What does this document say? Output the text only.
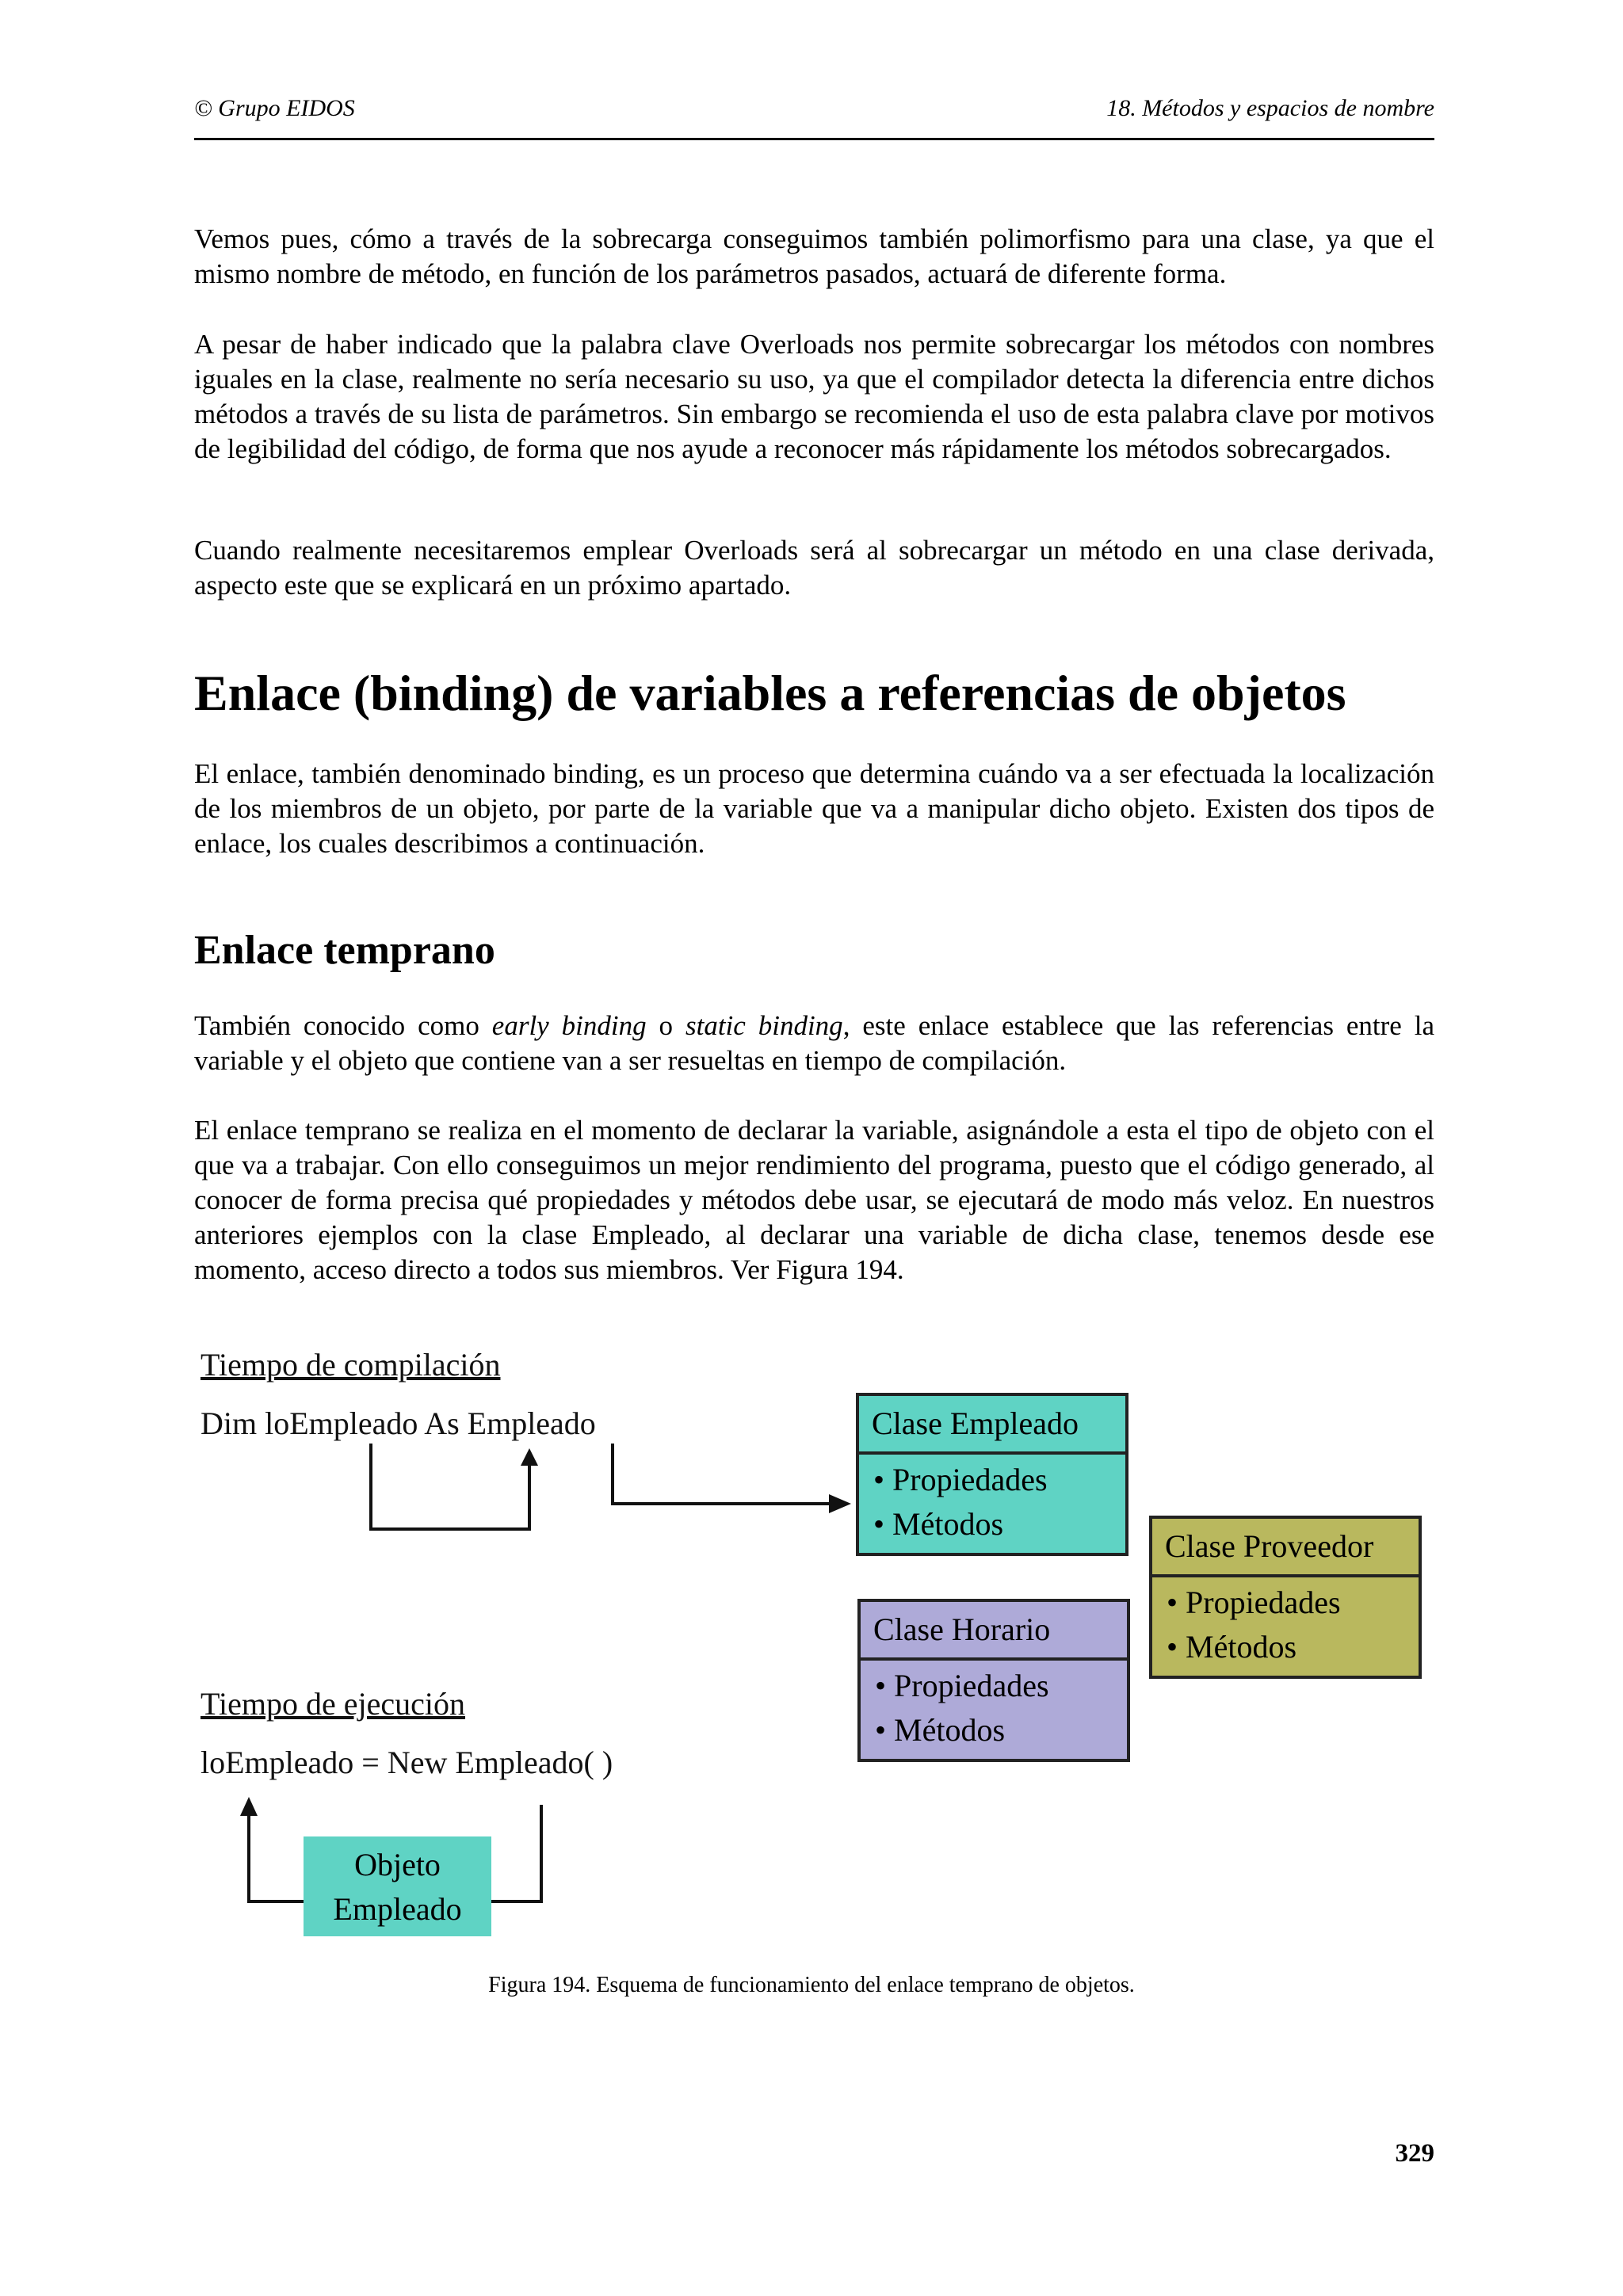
© Grupo EIDOS	18. Métodos y espacios de nombre
Vemos pues, cómo a través de la sobrecarga conseguimos también polimorfismo para una clase, ya que el mismo nombre de método, en función de los parámetros pasados, actuará de diferente forma.
A pesar de haber indicado que la palabra clave Overloads nos permite sobrecargar los métodos con nombres iguales en la clase, realmente no sería necesario su uso, ya que el compilador detecta la diferencia entre dichos métodos a través de su lista de parámetros. Sin embargo se recomienda el uso de esta palabra clave por motivos de legibilidad del código, de forma que nos ayude a reconocer más rápidamente los métodos sobrecargados.
Cuando realmente necesitaremos emplear Overloads será al sobrecargar un método en una clase derivada, aspecto este que se explicará en un próximo apartado.
Enlace (binding) de variables a referencias de objetos
El enlace, también denominado binding, es un proceso que determina cuándo va a ser efectuada la localización de los miembros de un objeto, por parte de la variable que va a manipular dicho objeto. Existen dos tipos de enlace, los cuales describimos a continuación.
Enlace temprano
También conocido como early binding o static binding, este enlace establece que las referencias entre la variable y el objeto que contiene van a ser resueltas en tiempo de compilación.
El enlace temprano se realiza en el momento de declarar la variable, asignándole a esta el tipo de objeto con el que va a trabajar. Con ello conseguimos un mejor rendimiento del programa, puesto que el código generado, al conocer de forma precisa qué propiedades y métodos debe usar, se ejecutará de modo más veloz. En nuestros anteriores ejemplos con la clase Empleado, al declarar una variable de dicha clase, tenemos desde ese momento, acceso directo a todos sus miembros. Ver Figura 194.
Tiempo de compilación
Dim loEmpleado As Empleado
Tiempo de ejecución
loEmpleado = New Empleado( )
Objeto
Empleado
Clase Empleado
• Propiedades
• Métodos
Clase Horario
• Propiedades
• Métodos
Clase Proveedor
• Propiedades
• Métodos
Figura 194. Esquema de funcionamiento del enlace temprano de objetos.
329
